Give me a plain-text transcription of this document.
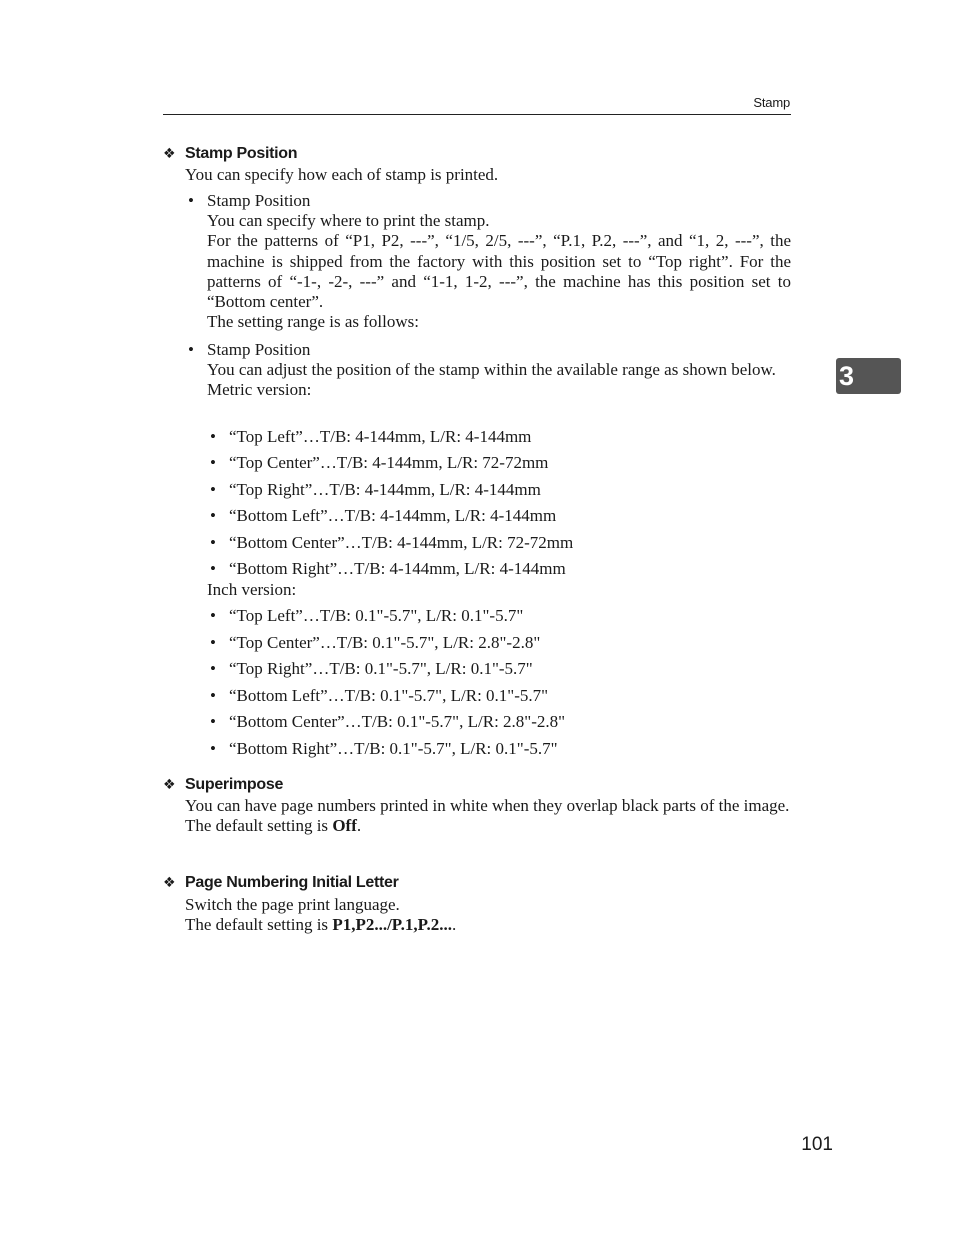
Stamp
3
❖ Stamp Position
You can specify how each of stamp is printed.
• Stamp Position

You can specify where to print the stamp.

For the patterns of “P1, P2, ---”, “1/5, 2/5, ---”, “P.1, P.2, ---”, and “1, 2, ---”, the machine is shipped from the factory with this position set to “Top right”. For the patterns of “-1-, -2-, ---” and “1-1, 1-2, ---”, the machine has this position set to “Bottom center”.

The setting range is as follows:

• Stamp Position

You can adjust the position of the stamp within the available range as shown below.

Metric version:

• “Top Left”…T/B: 4-144mm, L/R: 4-144mm
• “Top Center”…T/B: 4-144mm, L/R: 72-72mm
• “Top Right”…T/B: 4-144mm, L/R: 4-144mm
• “Bottom Left”…T/B: 4-144mm, L/R: 4-144mm
• “Bottom Center”…T/B: 4-144mm, L/R: 72-72mm
• “Bottom Right”…T/B: 4-144mm, L/R: 4-144mm
Inch version:
• “Top Left”…T/B: 0.1"-5.7", L/R: 0.1"-5.7"
• “Top Center”…T/B: 0.1"-5.7", L/R: 2.8"-2.8"
• “Top Right”…T/B: 0.1"-5.7", L/R: 0.1"-5.7"
• “Bottom Left”…T/B: 0.1"-5.7", L/R: 0.1"-5.7"
• “Bottom Center”…T/B: 0.1"-5.7", L/R: 2.8"-2.8"
• “Bottom Right”…T/B: 0.1"-5.7", L/R: 0.1"-5.7"
❖ Superimpose

You can have page numbers printed in white when they overlap black parts of the image.

The default setting is Off.

❖ Page Numbering Initial Letter

Switch the page print language.

The default setting is P1,P2.../P.1,P.2....

101
